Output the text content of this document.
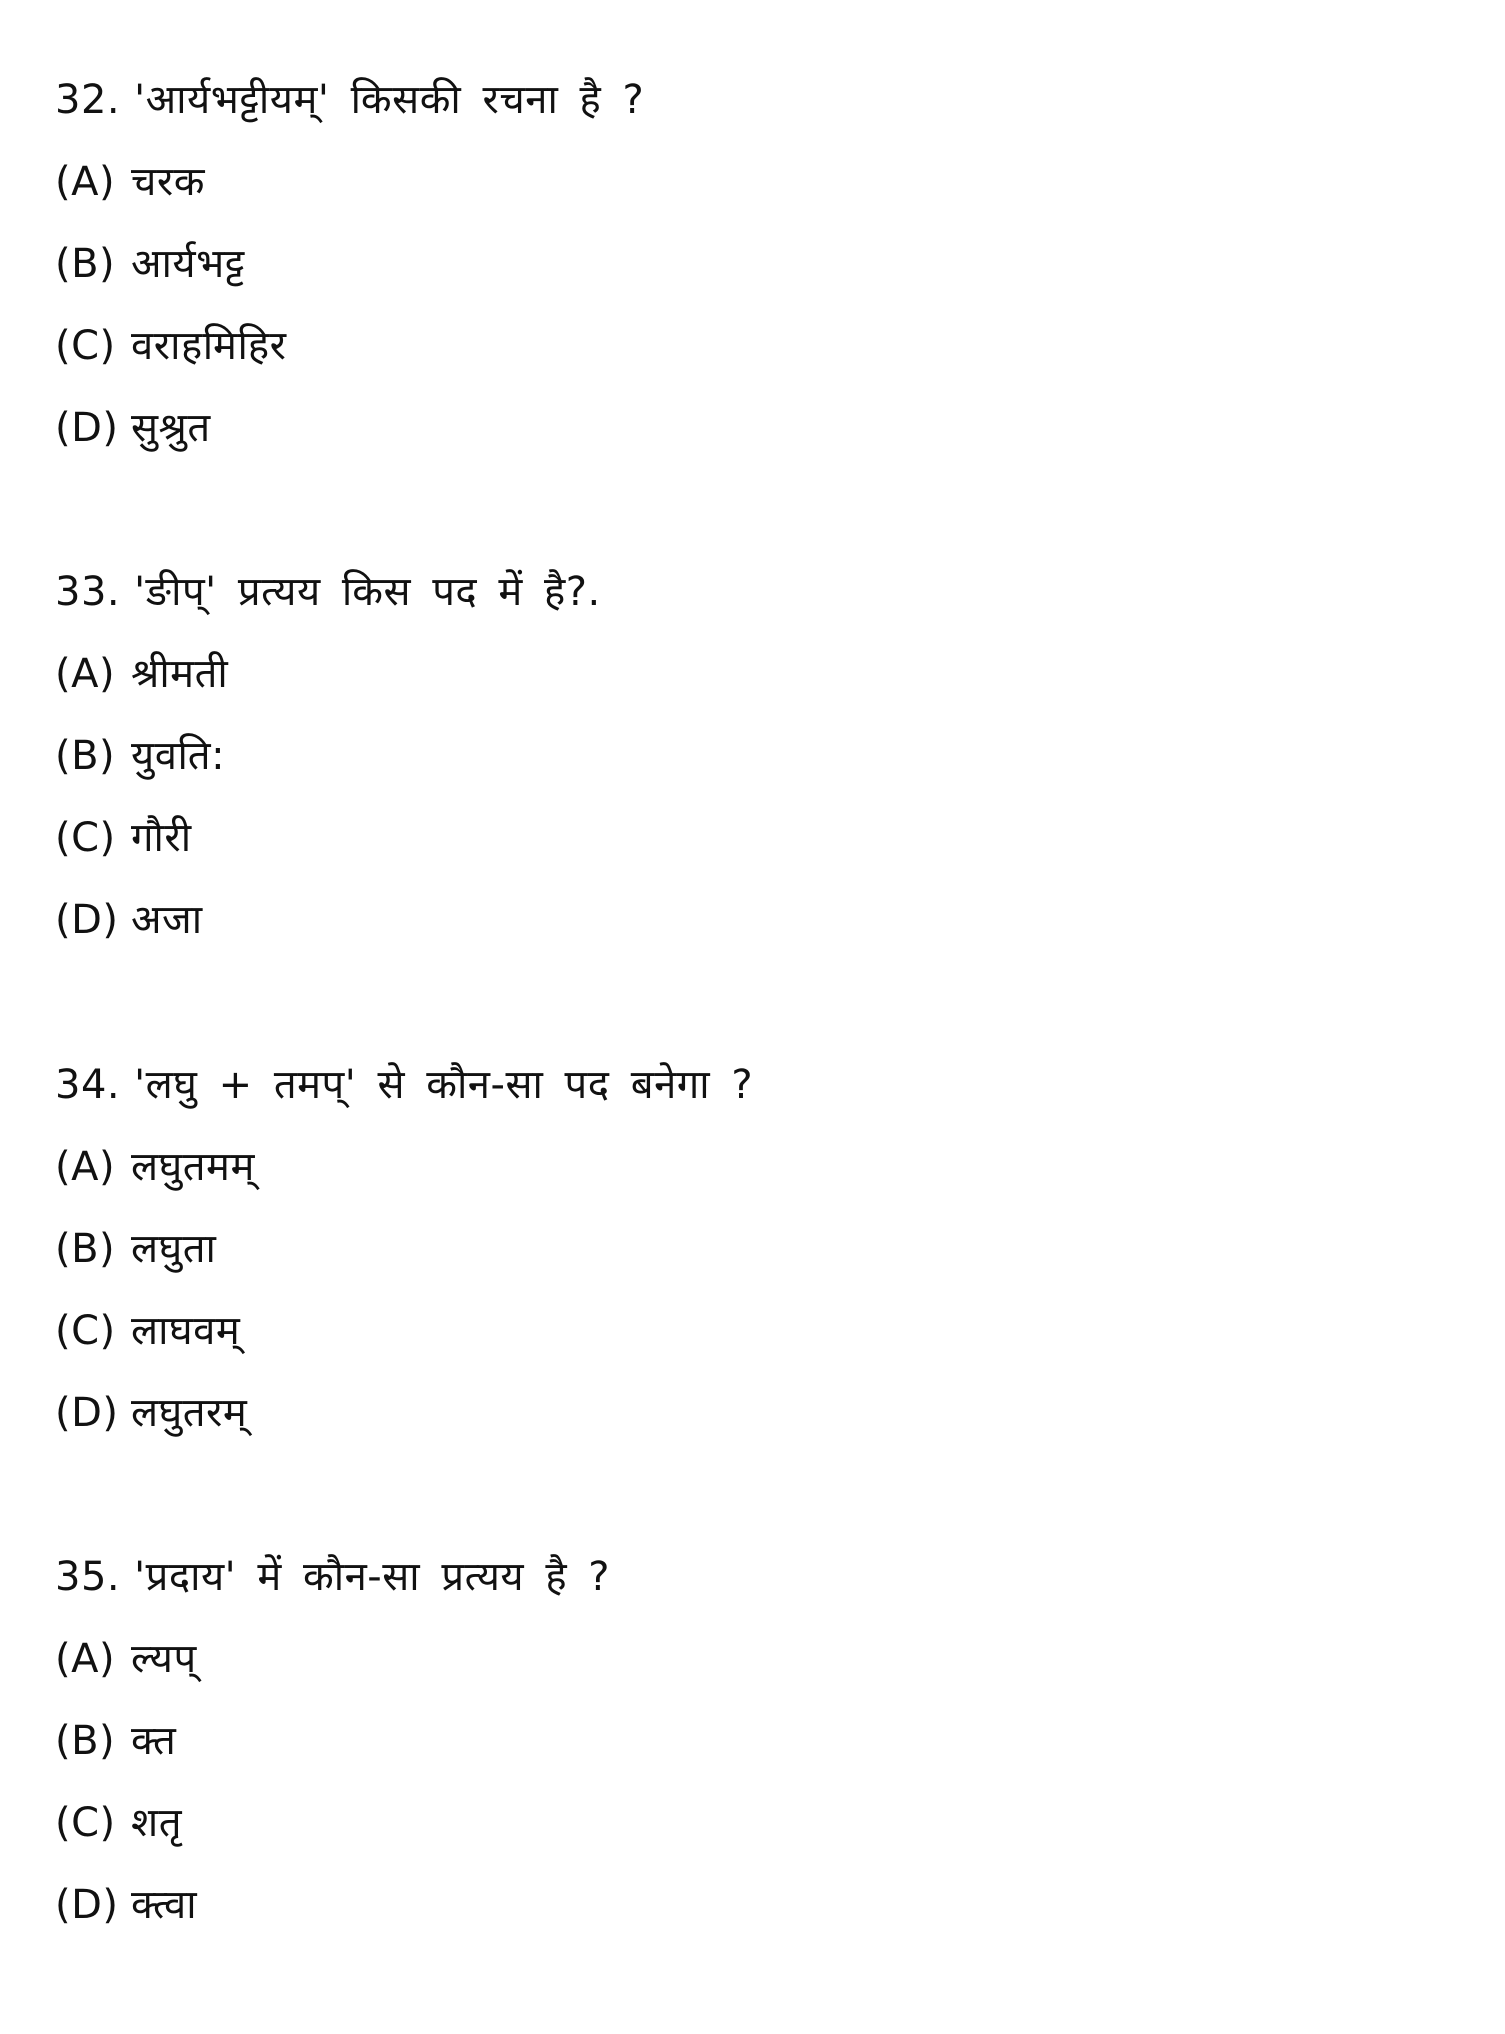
32. 'आर्यभट्टीयम्' किसकी रचना है ?
(A) चरक
(B) आर्यभट्ट
(C) वराहमिहिर
(D) सुश्रुत
33. 'ङीप्' प्रत्यय किस पद में है?.
(A) श्रीमती
(B) युवति:
(C) गौरी
(D) अजा
34. 'लघु + तमप्' से कौन-सा पद बनेगा ?
(A) लघुतमम्
(B) लघुता
(C) लाघवम्
(D) लघुतरम्
35. 'प्रदाय' में कौन-सा प्रत्यय है ?
(A) ल्यप्
(B) क्त
(C) शतृ
(D) क्त्वा
